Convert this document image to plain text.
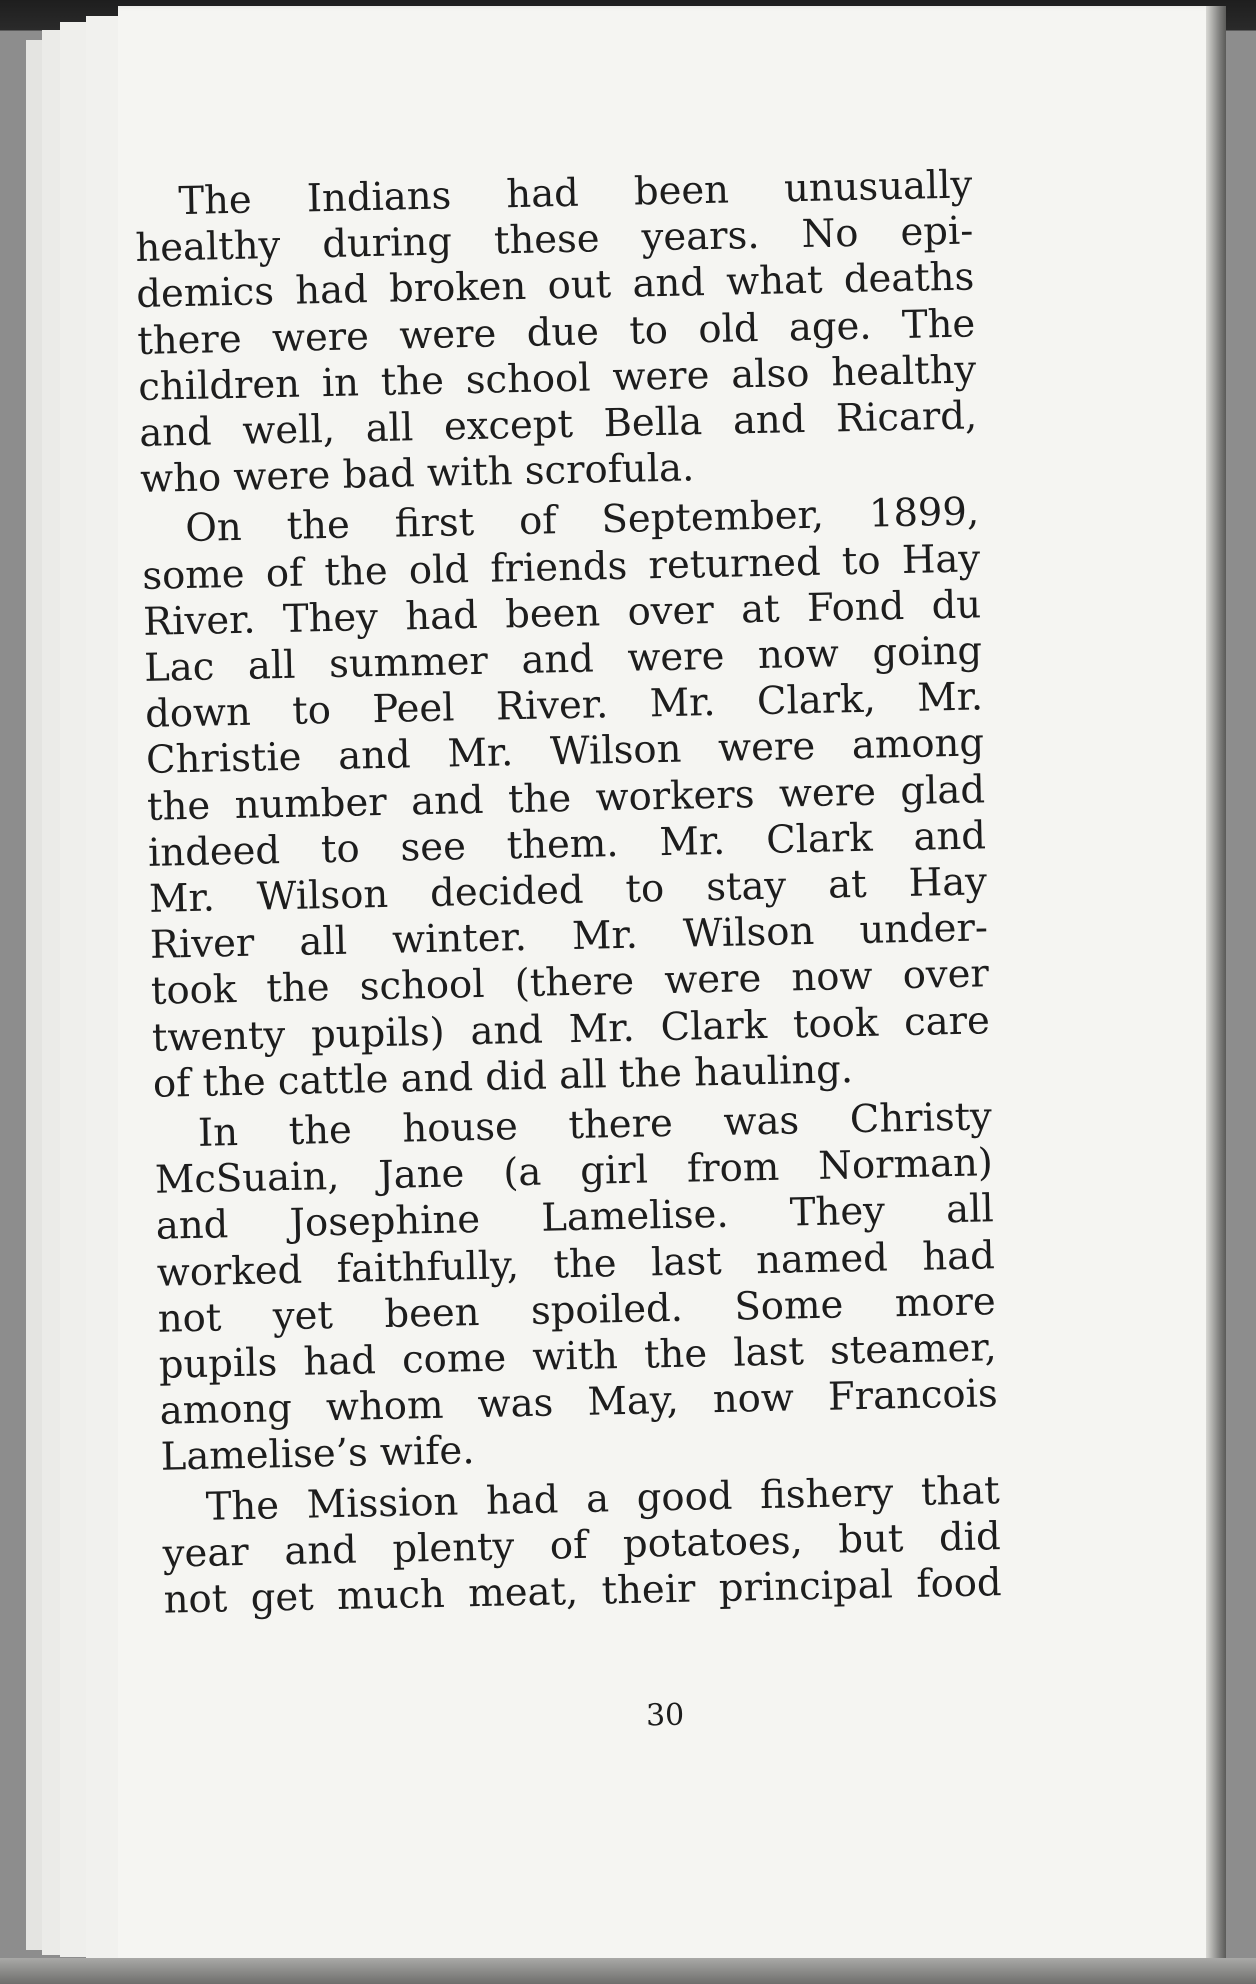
The Indians had been unusually
healthy during these years. No epi-
demics had broken out and what deaths
there were were due to old age. The
children in the school were also healthy
and well, all except Bella and Ricard,
who were bad with scrofula.
On the first of September, 1899,
some of the old friends returned to Hay
River. They had been over at Fond du
Lac all summer and were now going
down to Peel River. Mr. Clark, Mr.
Christie and Mr. Wilson were among
the number and the workers were glad
indeed to see them. Mr. Clark and
Mr. Wilson decided to stay at Hay
River all winter. Mr. Wilson under-
took the school (there were now over
twenty pupils) and Mr. Clark took care
of the cattle and did all the hauling.
In the house there was Christy
McSuain, Jane (a girl from Norman)
and Josephine Lamelise. They all
worked faithfully, the last named had
not yet been spoiled. Some more
pupils had come with the last steamer,
among whom was May, now Francois
Lamelise’s wife.
The Mission had a good fishery that
year and plenty of potatoes, but did
not get much meat, their principal food
30
